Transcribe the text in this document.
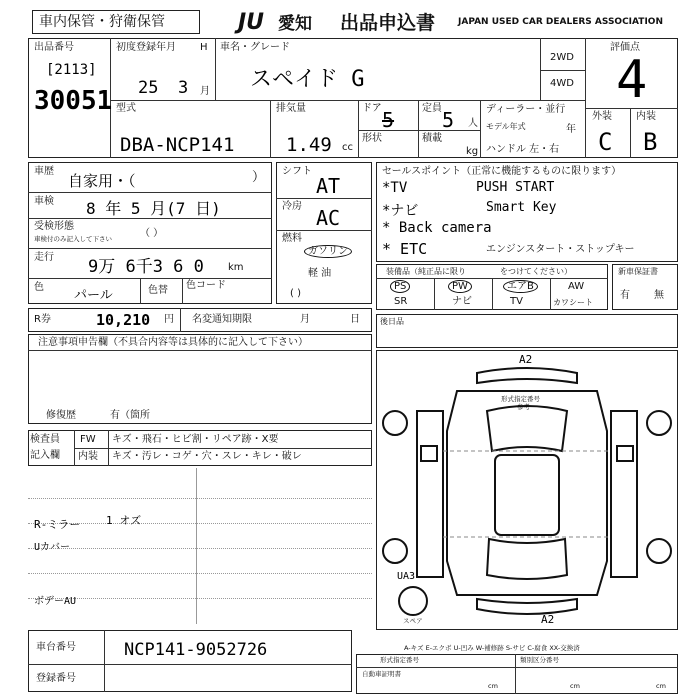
車内保管・狩衛保管	JU 愛知 出品申込書	JAPAN USED CAR DEALERS ASSOCIATION
出品番号
[2113]
30051
初度登録年月 H
25 3 月
車名・グレード
スペイド G
2WD
4WD
評価点
4
外装 内装
C B
型式
DBA-NCP141
排気量
1.49 cc
ドア 5	定員 5 人
形状	積載
kg
ディーラー・並行
モデル年式	年
ハンドル 左・右
車歴
自家用・（	）
車検 8 年 5 月(7 日)
受検形態
車検付のみ記入して下さい	（ ）
走行 9万 6千3 6 0 km
色
パール	色替 色コード
シフト
AT
冷房 AC
燃料
ガソリン
軽 油
( )
セールスポイント（正常に機能するものに限ります）
*TV	PUSH START
*ナビ	Smart Key
* Back camera
* ETC	エンジンスタート・ストップキー
装備品（純正品に限り	をつけてください）
PS	PW	エアB	AW
SR	ナビ	TV	カワシート
新車保証書
有 無
R券	10,210 円 名変通知期限	月	日	後日品
注意事項申告欄（不具合内容等は具体的に記入して下さい）
修復歴	有（箇所
検査員
記入欄
FW キズ・飛石・ヒビ割・リペア跡・X要
内装 キズ・汚レ・コゲ・穴・スレ・キレ・破レ
R-ミラー 1 オズ
Uカバー
ボデーAU
車台番号	NCP141-9052726
登録番号
A2
A2
UA3
スペア
形式指定番号
参考
A-キズ E-エクボ U-凹み W-補修跡 S-サビ C-腐食 XX-交換済
形式指定番号	類別区分番号
自動車証明書
cm	cm	cm
